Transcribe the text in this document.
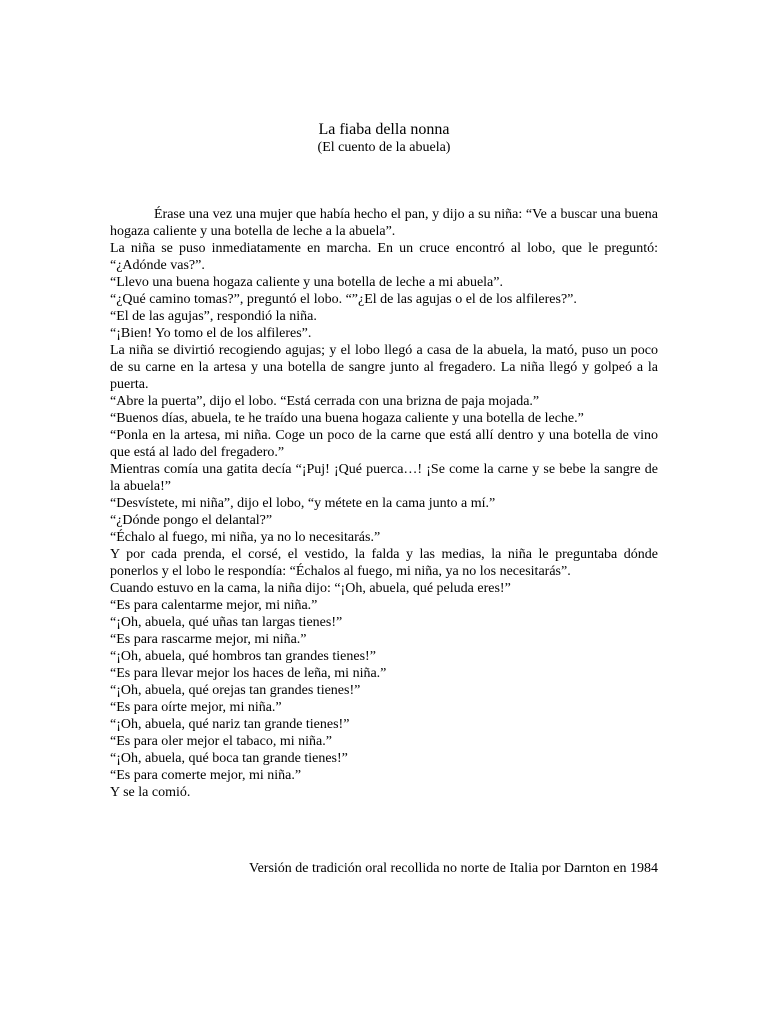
La fiaba della nonna
(El cuento de la abuela)

Érase una vez una mujer que había hecho el pan, y dijo a su niña: “Ve a buscar una buena hogaza caliente y una botella de leche a la abuela”.

La niña se puso inmediatamente en marcha. En un cruce encontró al lobo, que le preguntó: “¿Adónde vas?”.

“Llevo una buena hogaza caliente y una botella de leche a mi abuela”.

“¿Qué camino tomas?”, preguntó el lobo. “”¿El de las agujas o el de los alfileres?”.

“El de las agujas”, respondió la niña.

“¡Bien! Yo tomo el de los alfileres”.

La niña se divirtió recogiendo agujas; y el lobo llegó a casa de la abuela, la mató, puso un poco de su carne en la artesa y una botella de sangre junto al fregadero. La niña llegó y golpeó a la puerta.

“Abre la puerta”, dijo el lobo. “Está cerrada con una brizna de paja mojada.”

“Buenos días, abuela, te he traído una buena hogaza caliente y una botella de leche.”

“Ponla en la artesa, mi niña. Coge un poco de la carne que está allí dentro y una botella de vino que está al lado del fregadero.”

Mientras comía una gatita decía “¡Puj! ¡Qué puerca…! ¡Se come la carne y se bebe la sangre de la abuela!”

“Desvístete, mi niña”, dijo el lobo, “y métete en la cama junto a mí.”

“¿Dónde pongo el delantal?”

“Échalo al fuego, mi niña, ya no lo necesitarás.”

Y por cada prenda, el corsé, el vestido, la falda y las medias, la niña le preguntaba dónde ponerlos y el lobo le respondía: “Échalos al fuego, mi niña, ya no los necesitarás”.

Cuando estuvo en la cama, la niña dijo: “¡Oh, abuela, qué peluda eres!”

“Es para calentarme mejor, mi niña.”

“¡Oh, abuela, qué uñas tan largas tienes!”

“Es para rascarme mejor, mi niña.”

“¡Oh, abuela, qué hombros tan grandes tienes!”

“Es para llevar mejor los haces de leña, mi niña.”

“¡Oh, abuela, qué orejas tan grandes tienes!”

“Es para oírte mejor, mi niña.”

“¡Oh, abuela, qué nariz tan grande tienes!”

“Es para oler mejor el tabaco, mi niña.”

“¡Oh, abuela, qué boca tan grande tienes!”

“Es para comerte mejor, mi niña.”

Y se la comió.

Versión de tradición oral recollida no norte de Italia por Darnton en 1984
